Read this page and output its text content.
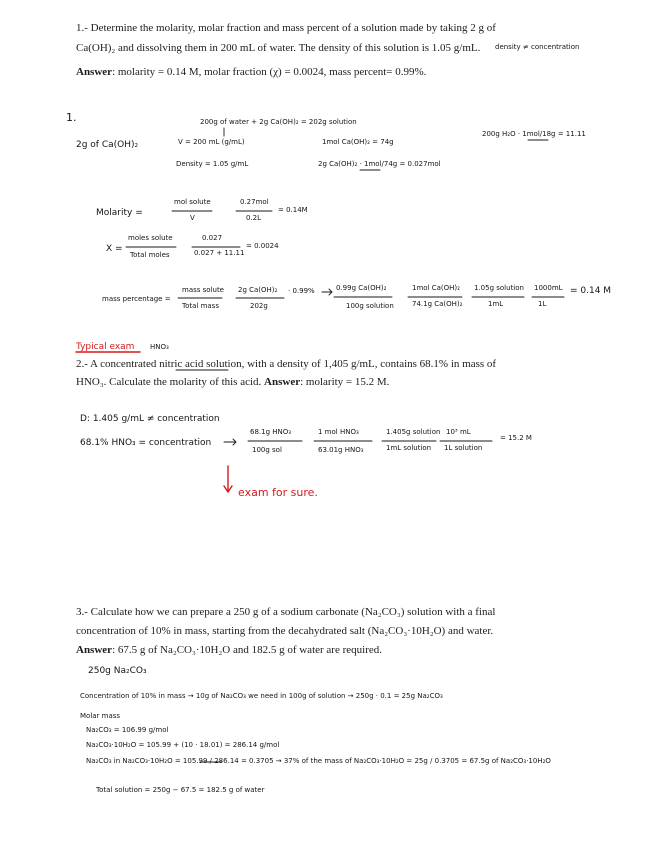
1.- Determine the molarity, molar fraction and mass percent of a solution made by taking 2 g of
Ca(OH)₂ and dissolving them in 200 mL of water. The density of this solution is 1.05 g/mL.	density ≠ concentration
Answer: molarity = 0.14 M, molar fraction (χ) = 0.0024, mass percent= 0.99%.
1.
2g of Ca(OH)₂
200g of water + 2g Ca(OH)₂ = 202g solution
V = 200 mL (g/mL)
Density = 1.05 g/mL
1mol Ca(OH)₂ = 74g
2g Ca(OH)₂ · 1mol/74g = 0.027mol
200g H₂O · 1mol/18g = 11.11
Molarity =
mol solute
V
0.27mol
0.2L
= 0.14M
X =
moles solute
Total moles
0.027
0.027 + 11.11
= 0.0024
mass percentage =
mass solute
Total mass
2g Ca(OH)₂
202g
· 0.99%	0.99g Ca(OH)₂
100g solution
1mol Ca(OH)₂
74.1g Ca(OH)₂
1.05g solution
1mL
1000mL
1L
= 0.14 M
Typical exam HNO₃
2.- A concentrated nitric acid solution, with a density of 1,405 g/mL, contains 68.1% in mass of
HNO₃. Calculate the molarity of this acid. Answer: molarity = 15.2 M.
D: 1.405 g/mL ≠ concentration
68.1% HNO₃ = concentration
68.1g HNO₃
100g sol
1 mol HNO₃
63.01g HNO₃
1.405g solution
1mL solution
10³ mL
1L solution
= 15.2 M
exam for sure.
3.- Calculate how we can prepare a 250 g of a sodium carbonate (Na₂CO₃) solution with a final
concentration of 10% in mass, starting from the decahydrated salt (Na₂CO₃·10H₂O) and water.
Answer: 67.5 g of Na₂CO₃·10H₂O and 182.5 g of water are required.
250g Na₂CO₃
Concentration of 10% in mass → 10g of Na₂CO₃ we need in 100g of solution → 250g · 0.1 = 25g Na₂CO₃
Molar mass
Na₂CO₃ = 106.99 g/mol
Na₂CO₃·10H₂O = 105.99 + (10 · 18.01) = 286.14 g/mol
Na₂CO₃ in Na₂CO₃·10H₂O = 105.99 / 286.14 = 0.3705 → 37% of the mass of Na₂CO₃·10H₂O = 25g / 0.3705 = 67.5g of Na₂CO₃·10H₂O
Total solution = 250g − 67.5 = 182.5 g of water
